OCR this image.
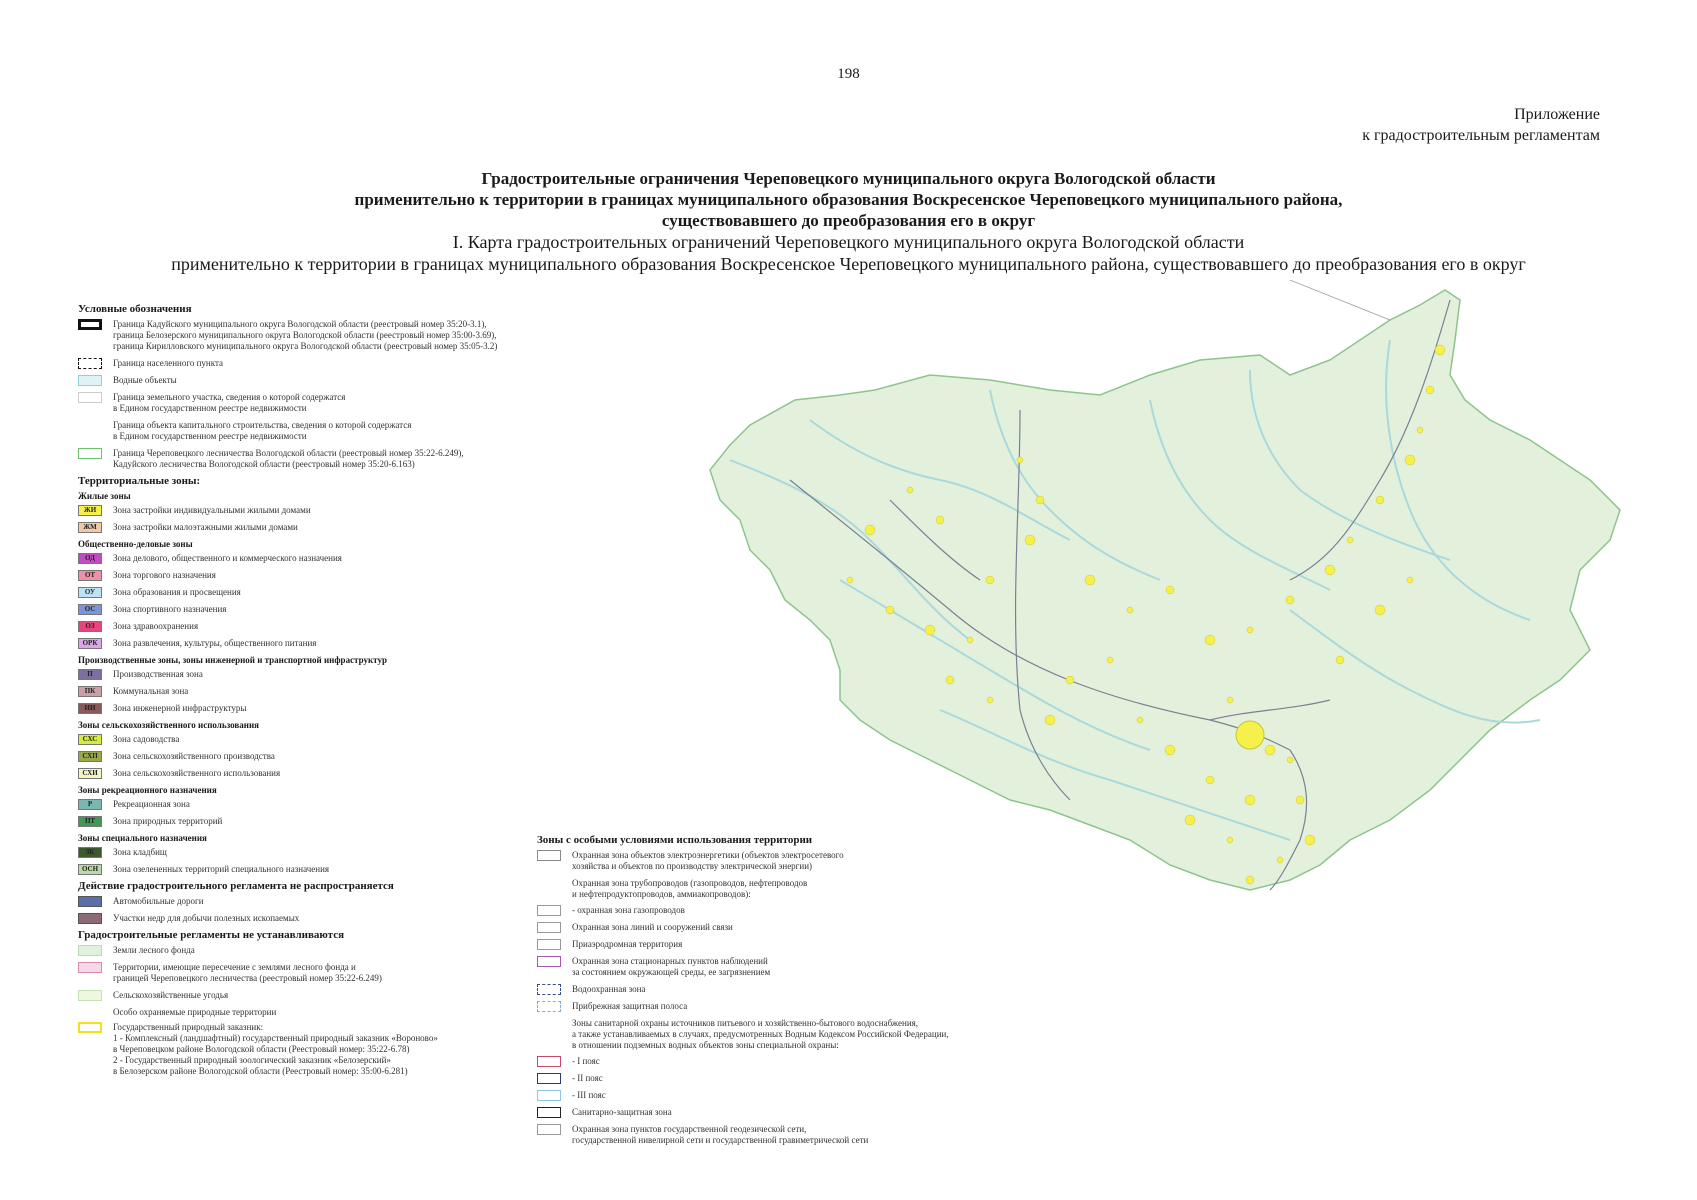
198
Приложение
к градостроительным регламентам
Градостроительные ограничения Череповецкого муниципального округа Вологодской области
применительно к территории в границах муниципального образования Воскресенское Череповецкого муниципального района,
существовавшего до преобразования его в округ
I. Карта градостроительных ограничений Череповецкого муниципального округа Вологодской области
применительно к территории в границах муниципального образования Воскресенское Череповецкого муниципального района, существовавшего до преобразования его в округ
Условные обозначения
Граница Кадуйского муниципального округа Вологодской области (реестровый номер 35:20-3.1),
граница Белозерского муниципального округа Вологодской области (реестровый номер 35:00-3.69),
граница Кирилловского муниципального округа Вологодской области (реестровый номер 35:05-3.2)
Граница населенного пункта
Водные объекты
Граница земельного участка, сведения о которой содержатся
в Едином государственном реестре недвижимости
Граница объекта капитального строительства, сведения о которой содержатся
в Едином государственном реестре недвижимости
Граница Череповецкого лесничества Вологодской области (реестровый номер 35:22-6.249),
Кадуйского лесничества Вологодской области (реестровый номер 35:20-6.163)
Территориальные зоны:
Жилые зоны
ЖИ	Зона застройки индивидуальными жилыми домами
ЖМ	Зона застройки малоэтажными жилыми домами
Общественно-деловые зоны
ОД	Зона делового, общественного и коммерческого назначения
ОТ	Зона торгового назначения
ОУ	Зона образования и просвещения
ОС	Зона спортивного назначения
ОЗ	Зона здравоохранения
ОРК	Зона развлечения, культуры, общественного питания
Производственные зоны, зоны инженерной и транспортной инфраструктур
П	Производственная зона
ПК	Коммунальная зона
ИИ	Зона инженерной инфраструктуры
Зоны сельскохозяйственного использования
СХС	Зона садоводства
СХП	Зона сельскохозяйственного производства
СХИ	Зона сельскохозяйственного использования
Зоны рекреационного назначения
Р	Рекреационная зона
ПТ	Зона природных территорий
Зоны специального назначения
ЗК	Зона кладбищ
ОСН	Зона озелененных территорий специального назначения
Действие градостроительного регламента не распространяется
Автомобильные дороги
Участки недр для добычи полезных ископаемых
Градостроительные регламенты не устанавливаются
Земли лесного фонда
Территории, имеющие пересечение с землями лесного фонда и
границей Череповецкого лесничества (реестровый номер 35:22-6.249)
Сельскохозяйственные угодья
Особо охраняемые природные территории
Государственный природный заказник:
1 - Комплексный (ландшафтный) государственный природный заказник «Вороново»
в Череповецком районе Вологодской области (Реестровый номер: 35:22-6.78)
2 - Государственный природный зоологический заказник «Белозерский»
в Белозерском районе Вологодской области (Реестровый номер: 35:00-6.281)
Зоны с особыми условиями использования территории
Охранная зона объектов электроэнергетики (объектов электросетевого
хозяйства и объектов по производству электрической энергии)
Охранная зона трубопроводов (газопроводов, нефтепроводов
и нефтепродуктопроводов, аммиакопроводов):
- охранная зона газопроводов
Охранная зона линий и сооружений связи
Приаэродромная территория
Охранная зона стационарных пунктов наблюдений
за состоянием окружающей среды, ее загрязнением
Водоохранная зона
Прибрежная защитная полоса
Зоны санитарной охраны источников питьевого и хозяйственно-бытового водоснабжения,
а также устанавливаемых в случаях, предусмотренных Водным Кодексом Российской Федерации,
в отношении подземных водных объектов зоны специальной охраны:
- I пояс
- II пояс
- III пояс
Санитарно-защитная зона
Охранная зона пунктов государственной геодезической сети,
государственной нивелирной сети и государственной гравиметрической сети
